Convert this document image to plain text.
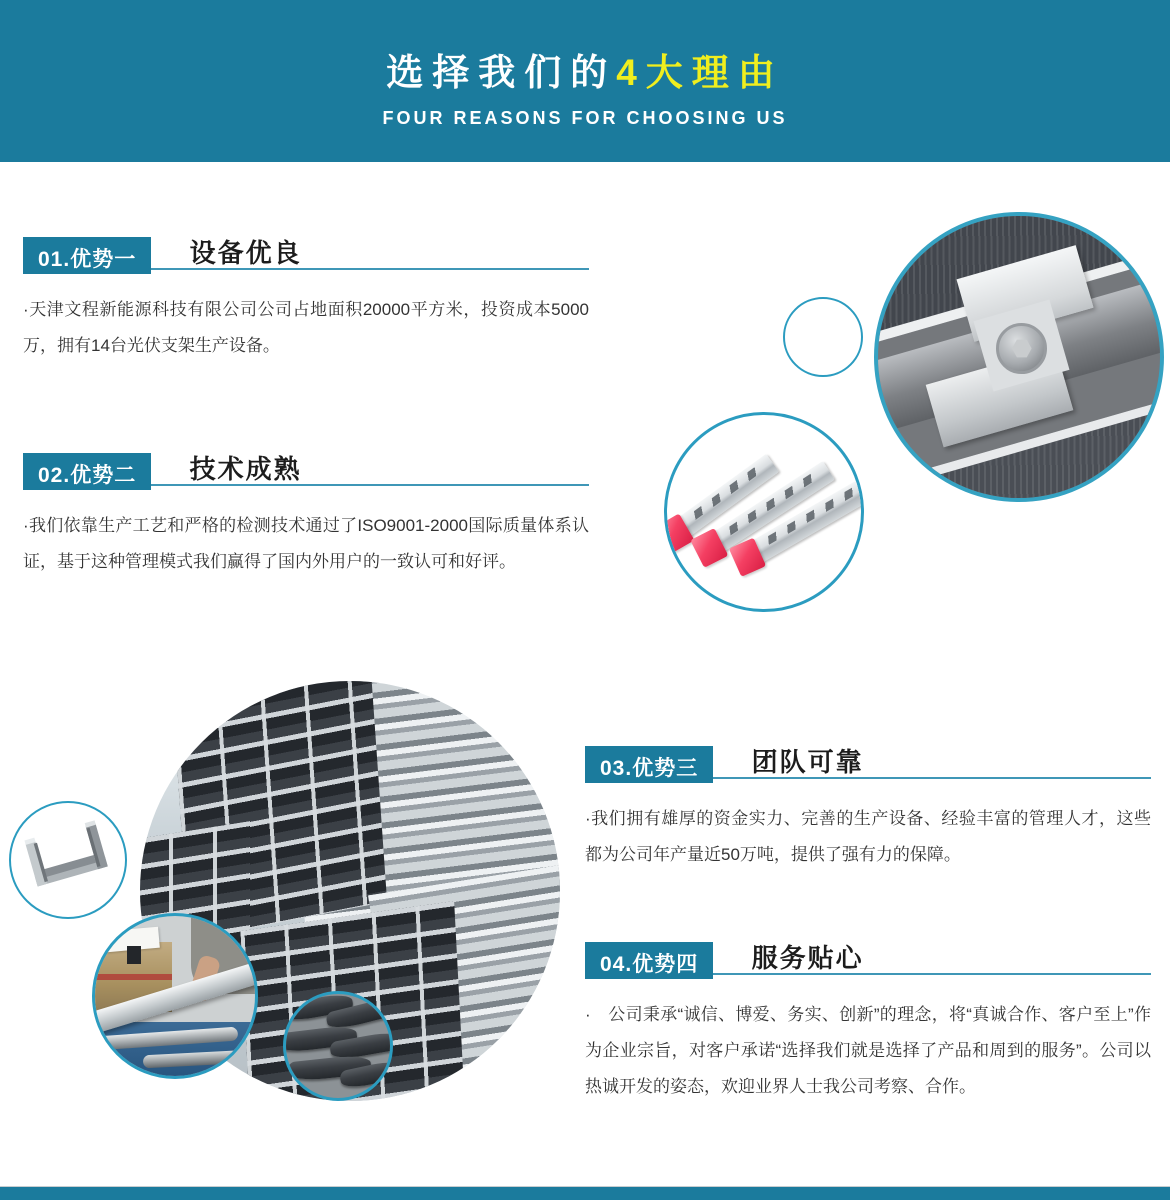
选择我们的4大理由
FOUR REASONS FOR CHOOSING US
01.优势一 设备优良
·天津文程新能源科技有限公司公司占地面积20000平方米，投资成本5000万，拥有14台光伏支架生产设备。
02.优势二 技术成熟
·我们依靠生产工艺和严格的检测技术通过了ISO9001-2000国际质量体系认证，基于这种管理模式我们赢得了国内外用户的一致认可和好评。
03.优势三 团队可靠
·我们拥有雄厚的资金实力、完善的生产设备、经验丰富的管理人才，这些都为公司年产量近50万吨，提供了强有力的保障。
04.优势四 服务贴心
·　公司秉承“诚信、博爱、务实、创新”的理念，将“真诚合作、客户至上”作为企业宗旨，对客户承诺“选择我们就是选择了产品和周到的服务”。公司以热诚开发的姿态，欢迎业界人士我公司考察、合作。
